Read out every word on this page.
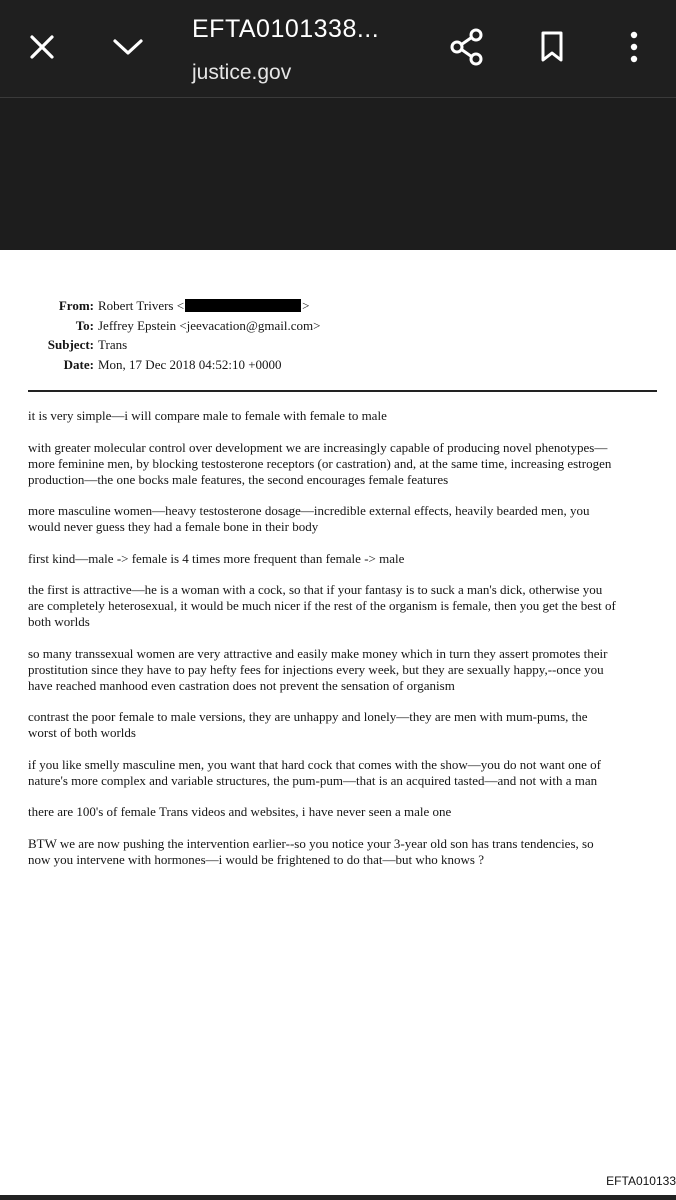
EFTA0101338...
justice.gov
From: Robert Trivers <	>
To: Jeffrey Epstein <jeevacation@gmail.com>
Subject: Trans
Date: Mon, 17 Dec 2018 04:52:10 +0000

it is very simple—i will compare male to female with female to male

with greater molecular control over development we are increasingly capable of producing novel phenotypes—
more feminine men, by blocking testosterone receptors (or castration) and, at the same time, increasing estrogen
production—the one bocks male features, the second encourages female features

more masculine women—heavy testosterone dosage—incredible external effects, heavily bearded men, you
would never guess they had a female bone in their body

first kind—male -> female is 4 times more frequent than female -> male

the first is attractive—he is a woman with a cock, so that if your fantasy is to suck a man's dick, otherwise you
are completely heterosexual, it would be much nicer if the rest of the organism is female, then you get the best of
both worlds

so many transsexual women are very attractive and easily make money which in turn they assert promotes their
prostitution since they have to pay hefty fees for injections every week, but they are sexually happy,--once you
have reached manhood even castration does not prevent the sensation of organism

contrast the poor female to male versions, they are unhappy and lonely—they are men with mum-pums, the
worst of both worlds

if you like smelly masculine men, you want that hard cock that comes with the show—you do not want one of
nature's more complex and variable structures, the pum-pum—that is an acquired tasted—and not with a man

there are 100's of female Trans videos and websites, i have never seen a male one

BTW we are now pushing the intervention earlier--so you notice your 3-year old son has trans tendencies, so
now you intervene with hormones—i would be frightened to do that—but who knows ?

EFTA010133
